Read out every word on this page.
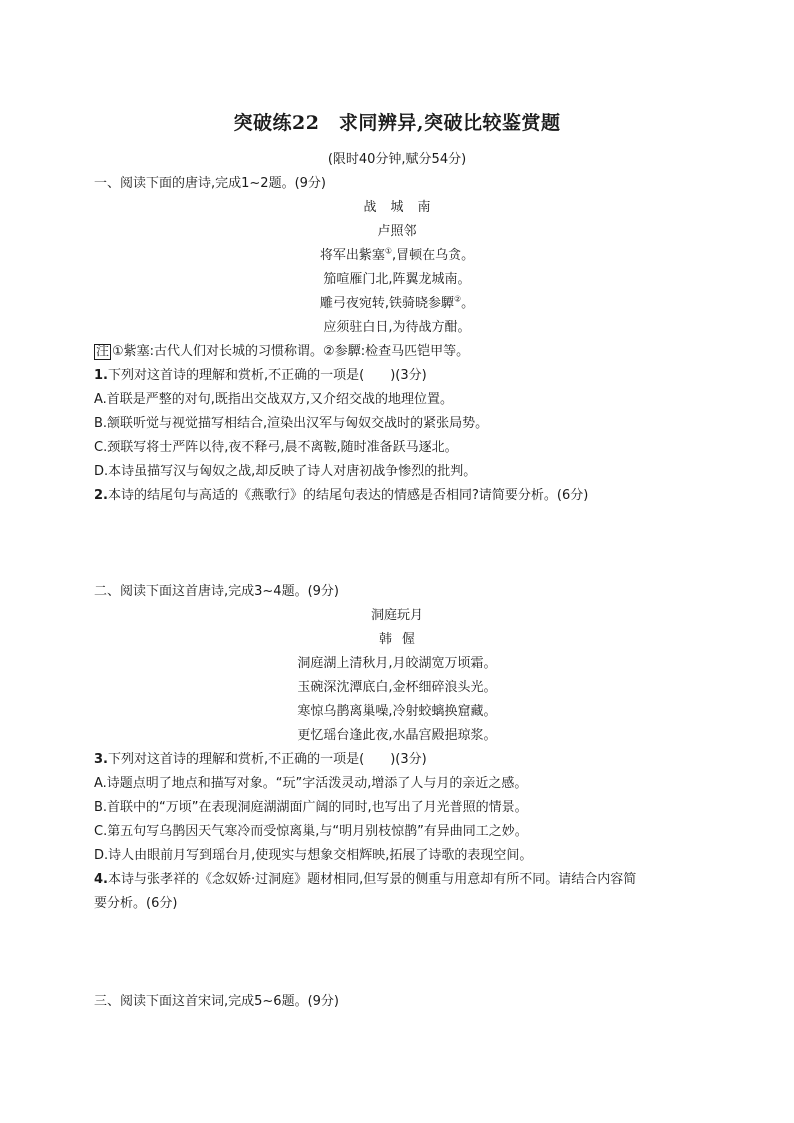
突破练22　求同辨异,突破比较鉴赏题
(限时40分钟,赋分54分)
一、阅读下面的唐诗,完成1~2题。(9分)
战城南
卢照邻
将军出紫塞①,冒顿在乌贪。
笳喧雁门北,阵翼龙城南。
雕弓夜宛转,铁骑晓参驔②。
应须驻白日,为待战方酣。
注 ①紫塞:古代人们对长城的习惯称谓。②参驔:检查马匹铠甲等。
1.下列对这首诗的理解和赏析,不正确的一项是(　　)(3分)
A.首联是严整的对句,既指出交战双方,又介绍交战的地理位置。
B.颔联听觉与视觉描写相结合,渲染出汉军与匈奴交战时的紧张局势。
C.颈联写将士严阵以待,夜不释弓,晨不离鞍,随时准备跃马逐北。
D.本诗虽描写汉与匈奴之战,却反映了诗人对唐初战争惨烈的批判。
2.本诗的结尾句与高适的《燕歌行》的结尾句表达的情感是否相同?请简要分析。(6分)
二、阅读下面这首唐诗,完成3~4题。(9分)
洞庭玩月
韩偓
洞庭湖上清秋月,月皎湖宽万顷霜。
玉碗深沈潭底白,金杯细碎浪头光。
寒惊乌鹊离巢噪,冷射蛟螭换窟藏。
更忆瑶台逢此夜,水晶宫殿挹琼浆。
3.下列对这首诗的理解和赏析,不正确的一项是(　　)(3分)
A.诗题点明了地点和描写对象。“玩”字活泼灵动,增添了人与月的亲近之感。
B.首联中的“万顷”在表现洞庭湖湖面广阔的同时,也写出了月光普照的情景。
C.第五句写乌鹊因天气寒冷而受惊离巢,与“明月别枝惊鹊”有异曲同工之妙。
D.诗人由眼前月写到瑶台月,使现实与想象交相辉映,拓展了诗歌的表现空间。
4.本诗与张孝祥的《念奴娇·过洞庭》题材相同,但写景的侧重与用意却有所不同。请结合内容简
要分析。(6分)
三、阅读下面这首宋词,完成5~6题。(9分)
